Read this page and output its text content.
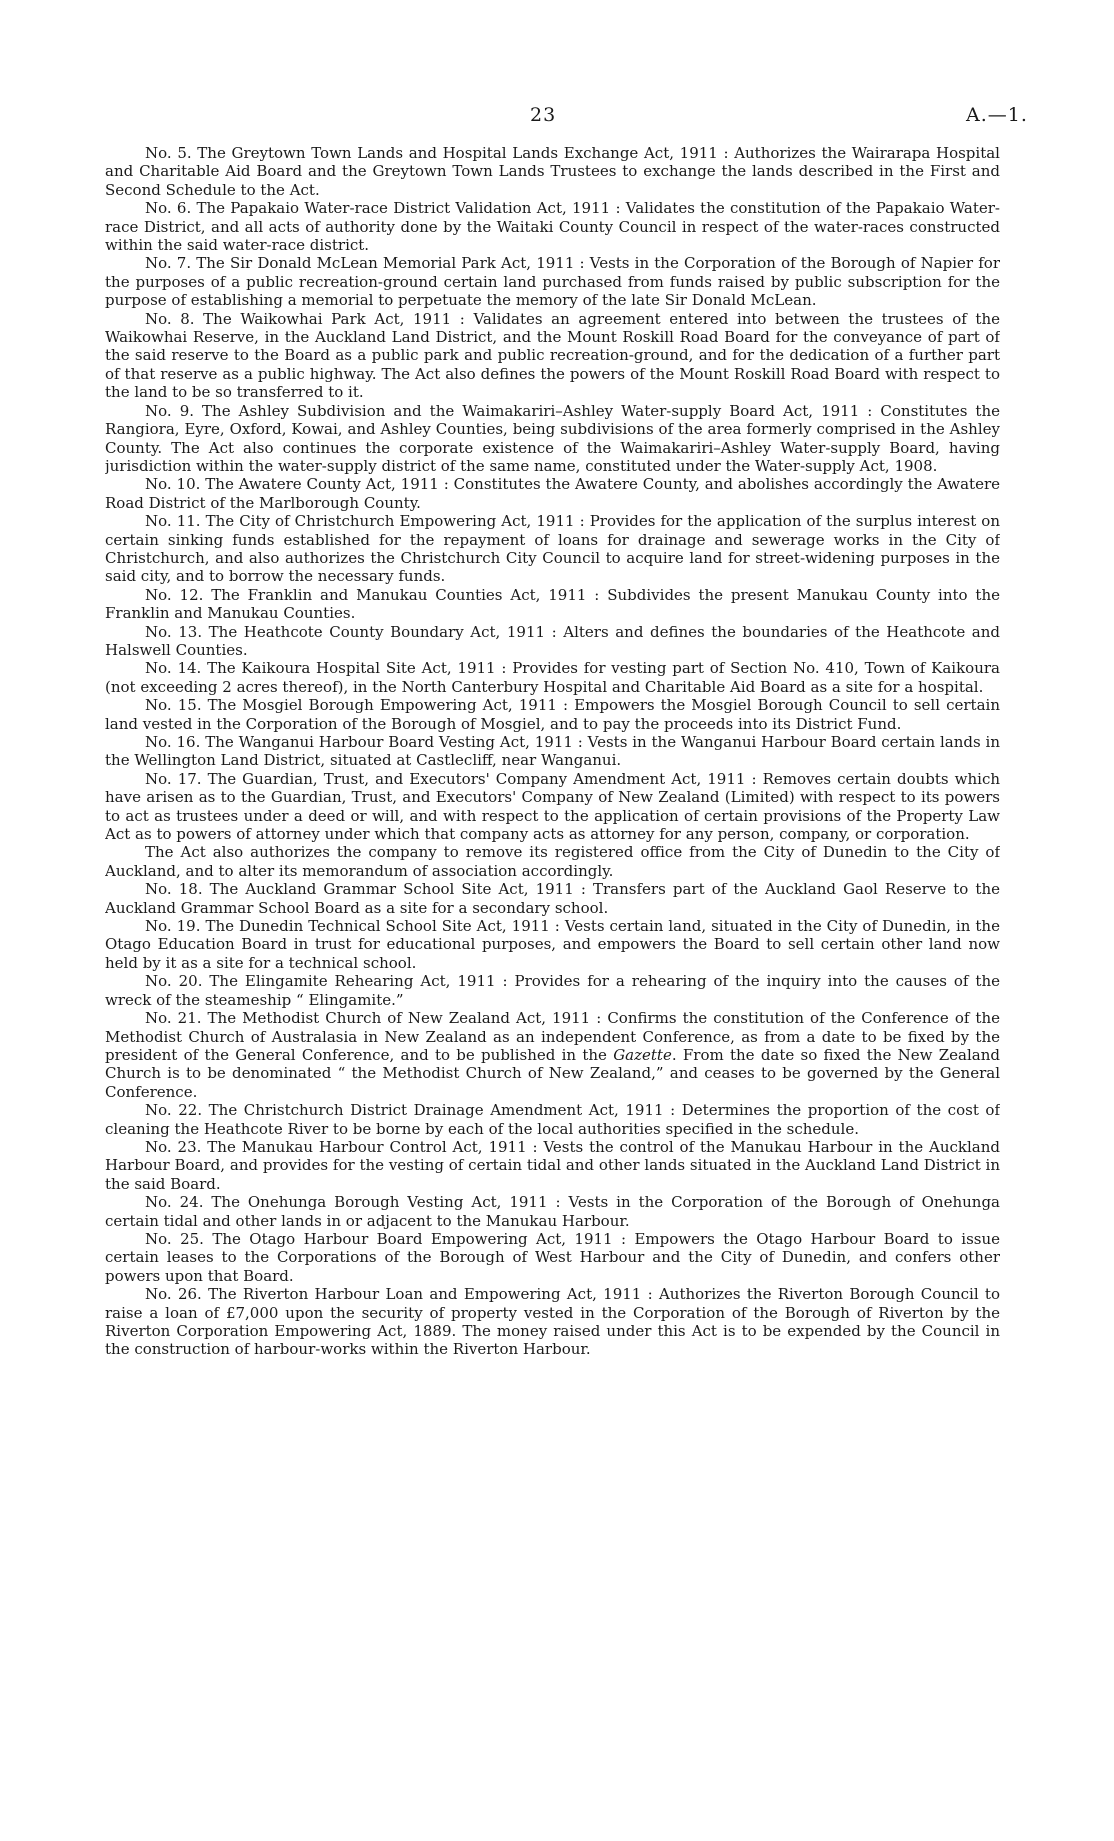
23	A.—1.

No. 5. The Greytown Town Lands and Hospital Lands Exchange Act, 1911 : Authorizes the Wairarapa Hospital and Charitable Aid Board and the Greytown Town Lands Trustees to exchange the lands described in the First and Second Schedule to the Act.

No. 6. The Papakaio Water-race District Validation Act, 1911 : Validates the constitution of the Papakaio Water-race District, and all acts of authority done by the Waitaki County Council in respect of the water-races constructed within the said water-race district.

No. 7. The Sir Donald McLean Memorial Park Act, 1911 : Vests in the Corporation of the Borough of Napier for the purposes of a public recreation-ground certain land purchased from funds raised by public subscription for the purpose of establishing a memorial to perpetuate the memory of the late Sir Donald McLean.

No. 8. The Waikowhai Park Act, 1911 : Validates an agreement entered into between the trustees of the Waikowhai Reserve, in the Auckland Land District, and the Mount Roskill Road Board for the conveyance of part of the said reserve to the Board as a public park and public recreation-ground, and for the dedication of a further part of that reserve as a public highway. The Act also defines the powers of the Mount Roskill Road Board with respect to the land to be so transferred to it.

No. 9. The Ashley Subdivision and the Waimakariri–Ashley Water-supply Board Act, 1911 : Constitutes the Rangiora, Eyre, Oxford, Kowai, and Ashley Counties, being subdivisions of the area formerly comprised in the Ashley County. The Act also continues the corporate existence of the Waimakariri–Ashley Water-supply Board, having jurisdiction within the water-supply district of the same name, constituted under the Water-supply Act, 1908.

No. 10. The Awatere County Act, 1911 : Constitutes the Awatere County, and abolishes accordingly the Awatere Road District of the Marlborough County.

No. 11. The City of Christchurch Empowering Act, 1911 : Provides for the application of the surplus interest on certain sinking funds established for the repayment of loans for drainage and sewerage works in the City of Christchurch, and also authorizes the Christchurch City Council to acquire land for street-widening purposes in the said city, and to borrow the necessary funds.

No. 12. The Franklin and Manukau Counties Act, 1911 : Subdivides the present Manukau County into the Franklin and Manukau Counties.

No. 13. The Heathcote County Boundary Act, 1911 : Alters and defines the boundaries of the Heathcote and Halswell Counties.

No. 14. The Kaikoura Hospital Site Act, 1911 : Provides for vesting part of Section No. 410, Town of Kaikoura (not exceeding 2 acres thereof), in the North Canterbury Hospital and Charitable Aid Board as a site for a hospital.

No. 15. The Mosgiel Borough Empowering Act, 1911 : Empowers the Mosgiel Borough Council to sell certain land vested in the Corporation of the Borough of Mosgiel, and to pay the proceeds into its District Fund.

No. 16. The Wanganui Harbour Board Vesting Act, 1911 : Vests in the Wanganui Harbour Board certain lands in the Wellington Land District, situated at Castlecliff, near Wanganui.

No. 17. The Guardian, Trust, and Executors' Company Amendment Act, 1911 : Removes certain doubts which have arisen as to the Guardian, Trust, and Executors' Company of New Zealand (Limited) with respect to its powers to act as trustees under a deed or will, and with respect to the application of certain provisions of the Property Law Act as to powers of attorney under which that company acts as attorney for any person, company, or corporation.

The Act also authorizes the company to remove its registered office from the City of Dunedin to the City of Auckland, and to alter its memorandum of association accordingly.

No. 18. The Auckland Grammar School Site Act, 1911 : Transfers part of the Auckland Gaol Reserve to the Auckland Grammar School Board as a site for a secondary school.

No. 19. The Dunedin Technical School Site Act, 1911 : Vests certain land, situated in the City of Dunedin, in the Otago Education Board in trust for educational purposes, and empowers the Board to sell certain other land now held by it as a site for a technical school.

No. 20. The Elingamite Rehearing Act, 1911 : Provides for a rehearing of the inquiry into the causes of the wreck of the steameship “ Elingamite.”

No. 21. The Methodist Church of New Zealand Act, 1911 : Confirms the constitution of the Conference of the Methodist Church of Australasia in New Zealand as an independent Conference, as from a date to be fixed by the president of the General Conference, and to be published in the Gazette. From the date so fixed the New Zealand Church is to be denominated “ the Methodist Church of New Zealand,” and ceases to be governed by the General Conference.

No. 22. The Christchurch District Drainage Amendment Act, 1911 : Determines the proportion of the cost of cleaning the Heathcote River to be borne by each of the local authorities specified in the schedule.

No. 23. The Manukau Harbour Control Act, 1911 : Vests the control of the Manukau Harbour in the Auckland Harbour Board, and provides for the vesting of certain tidal and other lands situated in the Auckland Land District in the said Board.

No. 24. The Onehunga Borough Vesting Act, 1911 : Vests in the Corporation of the Borough of Onehunga certain tidal and other lands in or adjacent to the Manukau Harbour.

No. 25. The Otago Harbour Board Empowering Act, 1911 : Empowers the Otago Harbour Board to issue certain leases to the Corporations of the Borough of West Harbour and the City of Dunedin, and confers other powers upon that Board.

No. 26. The Riverton Harbour Loan and Empowering Act, 1911 : Authorizes the Riverton Borough Council to raise a loan of £7,000 upon the security of property vested in the Corporation of the Borough of Riverton by the Riverton Corporation Empowering Act, 1889. The money raised under this Act is to be expended by the Council in the construction of harbour-works within the Riverton Harbour.
